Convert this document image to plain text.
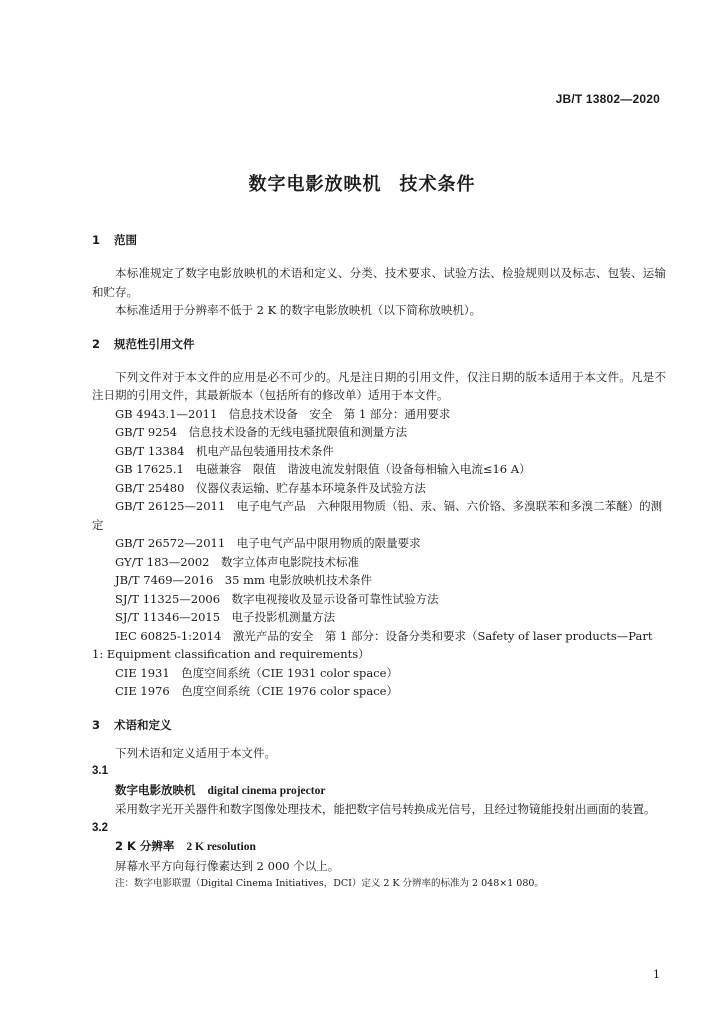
JB/T 13802—2020
数字电影放映机 技术条件
1 范围

本标准规定了数字电影放映机的术语和定义、分类、技术要求、试验方法、检验规则以及标志、包装、运输和贮存。

本标准适用于分辨率不低于 2 K 的数字电影放映机（以下简称放映机）。

2 规范性引用文件

下列文件对于本文件的应用是必不可少的。凡是注日期的引用文件，仅注日期的版本适用于本文件。凡是不注日期的引用文件，其最新版本（包括所有的修改单）适用于本文件。

GB 4943.1—2011　信息技术设备　安全　第 1 部分：通用要求

GB/T 9254　信息技术设备的无线电骚扰限值和测量方法

GB/T 13384　机电产品包装通用技术条件

GB 17625.1　电磁兼容　限值　谐波电流发射限值（设备每相输入电流≤16 A）

GB/T 25480　仪器仪表运输、贮存基本环境条件及试验方法

GB/T 26125—2011　电子电气产品　六种限用物质（铅、汞、镉、六价铬、多溴联苯和多溴二苯醚）的测定

GB/T 26572—2011　电子电气产品中限用物质的限量要求

GY/T 183—2002　数字立体声电影院技术标准

JB/T 7469—2016　35 mm 电影放映机技术条件

SJ/T 11325—2006　数字电视接收及显示设备可靠性试验方法

SJ/T 11346—2015　电子投影机测量方法

IEC 60825-1:2014　激光产品的安全　第 1 部分：设备分类和要求（Safety of laser products—Part 1: Equipment classification and requirements）

CIE 1931　色度空间系统（CIE 1931 color space）

CIE 1976　色度空间系统（CIE 1976 color space）

3 术语和定义

下列术语和定义适用于本文件。

3.1

数字电影放映机 digital cinema projector

采用数字光开关器件和数字图像处理技术，能把数字信号转换成光信号，且经过物镜能投射出画面的装置。

3.2

2 K 分辨率 2 K resolution

屏幕水平方向每行像素达到 2 000 个以上。

注：数字电影联盟（Digital Cinema Initiatives，DCI）定义 2 K 分辨率的标准为 2 048×1 080。

1
